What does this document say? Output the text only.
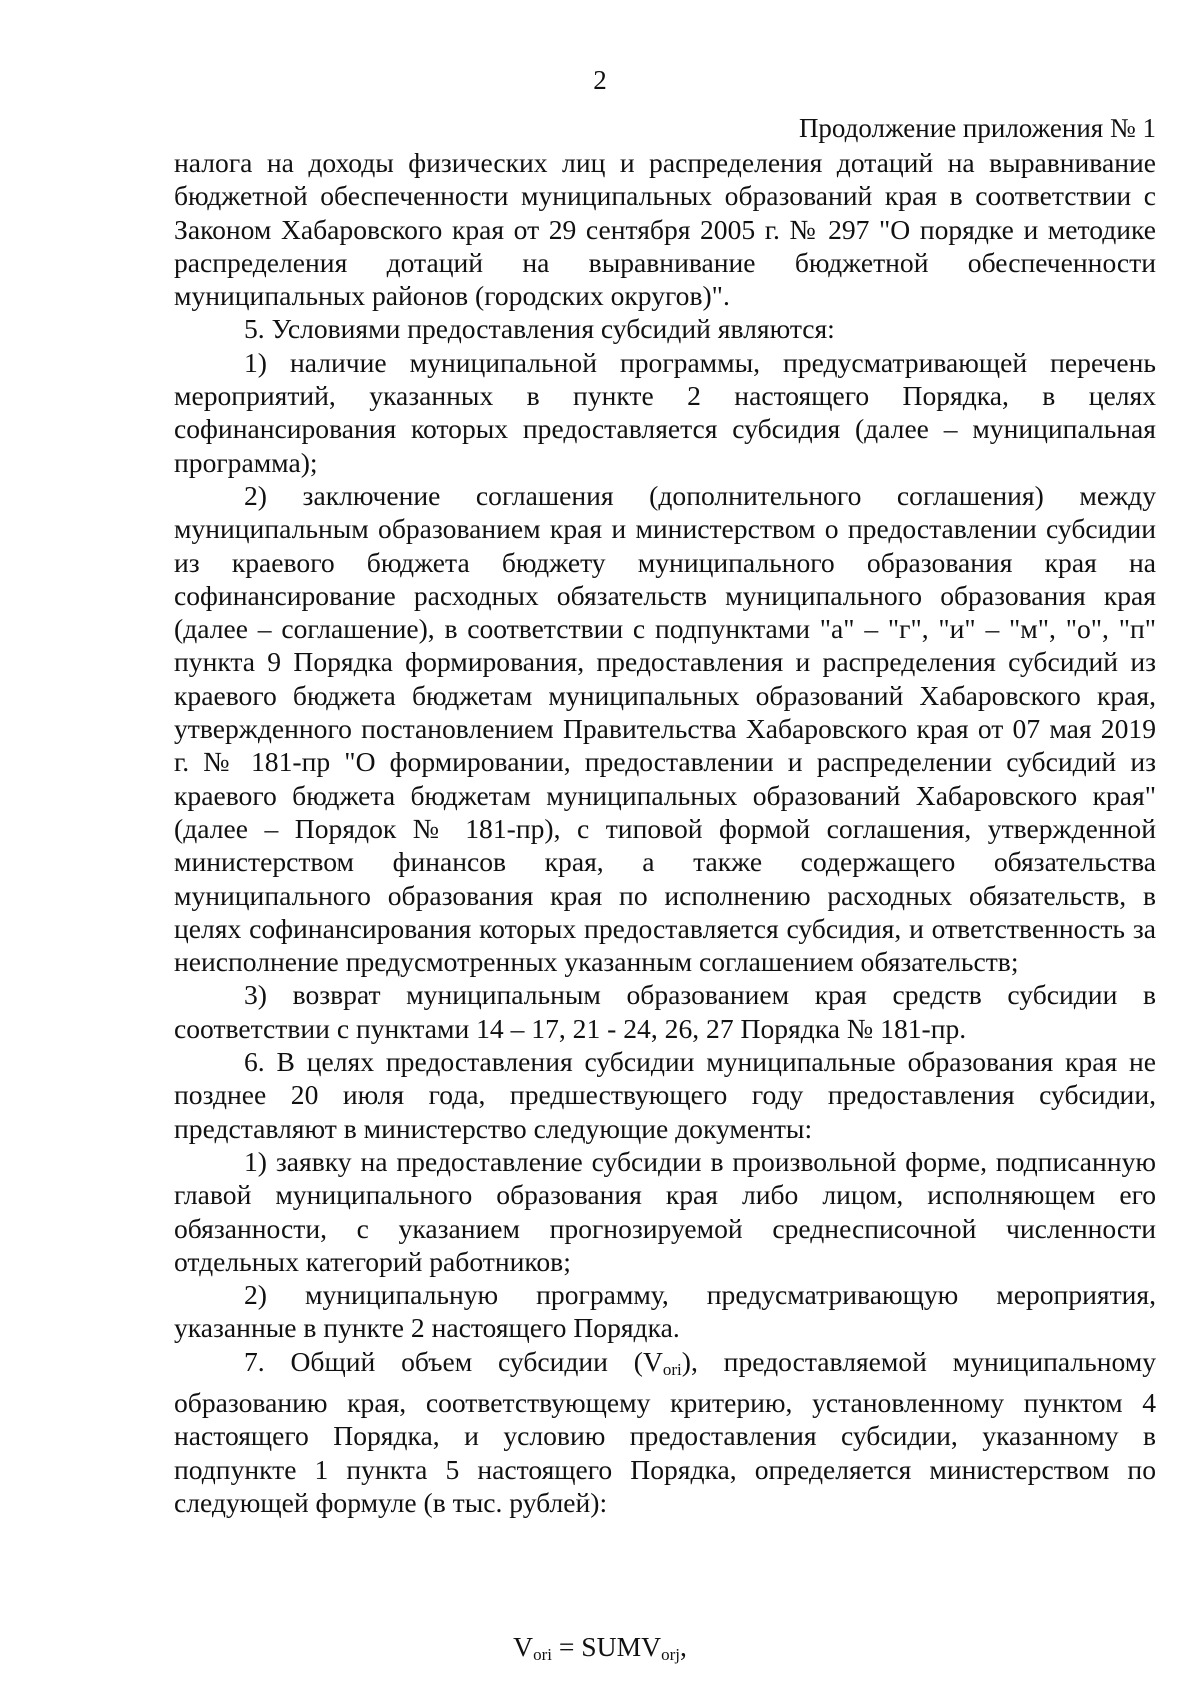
2
Продолжение приложения № 1

налога на доходы физических лиц и распределения дотаций на выравнивание бюджетной обеспеченности муниципальных образований края в соответствии с Законом Хабаровского края от 29 сентября 2005 г. № 297 "О порядке и методике распределения дотаций на выравнивание бюджетной обеспеченности муниципальных районов (городских округов)".

5. Условиями предоставления субсидий являются:

1) наличие муниципальной программы, предусматривающей перечень мероприятий, указанных в пункте 2 настоящего Порядка, в целях софинансирования которых предоставляется субсидия (далее – муниципальная программа);

2) заключение соглашения (дополнительного соглашения) между муниципальным образованием края и министерством о предоставлении субсидии из краевого бюджета бюджету муниципального образования края на софинансирование расходных обязательств муниципального образования края (далее – соглашение), в соответствии с подпунктами "а" – "г", "и" – "м", "о", "п" пункта 9 Порядка формирования, предоставления и распределения субсидий из краевого бюджета бюджетам муниципальных образований Хабаровского края, утвержденного постановлением Правительства Хабаровского края от 07 мая 2019 г. № 181-пр "О формировании, предоставлении и распределении субсидий из краевого бюджета бюджетам муниципальных образований Хабаровского края" (далее – Порядок № 181-пр), с типовой формой соглашения, утвержденной министерством финансов края, а также содержащего обязательства муниципального образования края по исполнению расходных обязательств, в целях софинансирования которых предоставляется субсидия, и ответственность за неисполнение предусмотренных указанным соглашением обязательств;

3) возврат муниципальным образованием края средств субсидии в соответствии с пунктами 14 – 17, 21 - 24, 26, 27 Порядка № 181-пр.

6. В целях предоставления субсидии муниципальные образования края не позднее 20 июля года, предшествующего году предоставления субсидии, представляют в министерство следующие документы:

1) заявку на предоставление субсидии в произвольной форме, подписанную главой муниципального образования края либо лицом, исполняющем его обязанности, с указанием прогнозируемой среднесписочной численности отдельных категорий работников;

2) муниципальную программу, предусматривающую мероприятия, указанные в пункте 2 настоящего Порядка.

7. Общий объем субсидии $(V_{ori})$, предоставляемой муниципальному образованию края, соответствующему критерию, установленному пунктом 4 настоящего Порядка, и условию предоставления субсидии, указанному в подпункте 1 пункта 5 настоящего Порядка, определяется министерством по следующей формуле (в тыс. рублей):

$V_{ori}$ = $SUMV_{orj}$,
